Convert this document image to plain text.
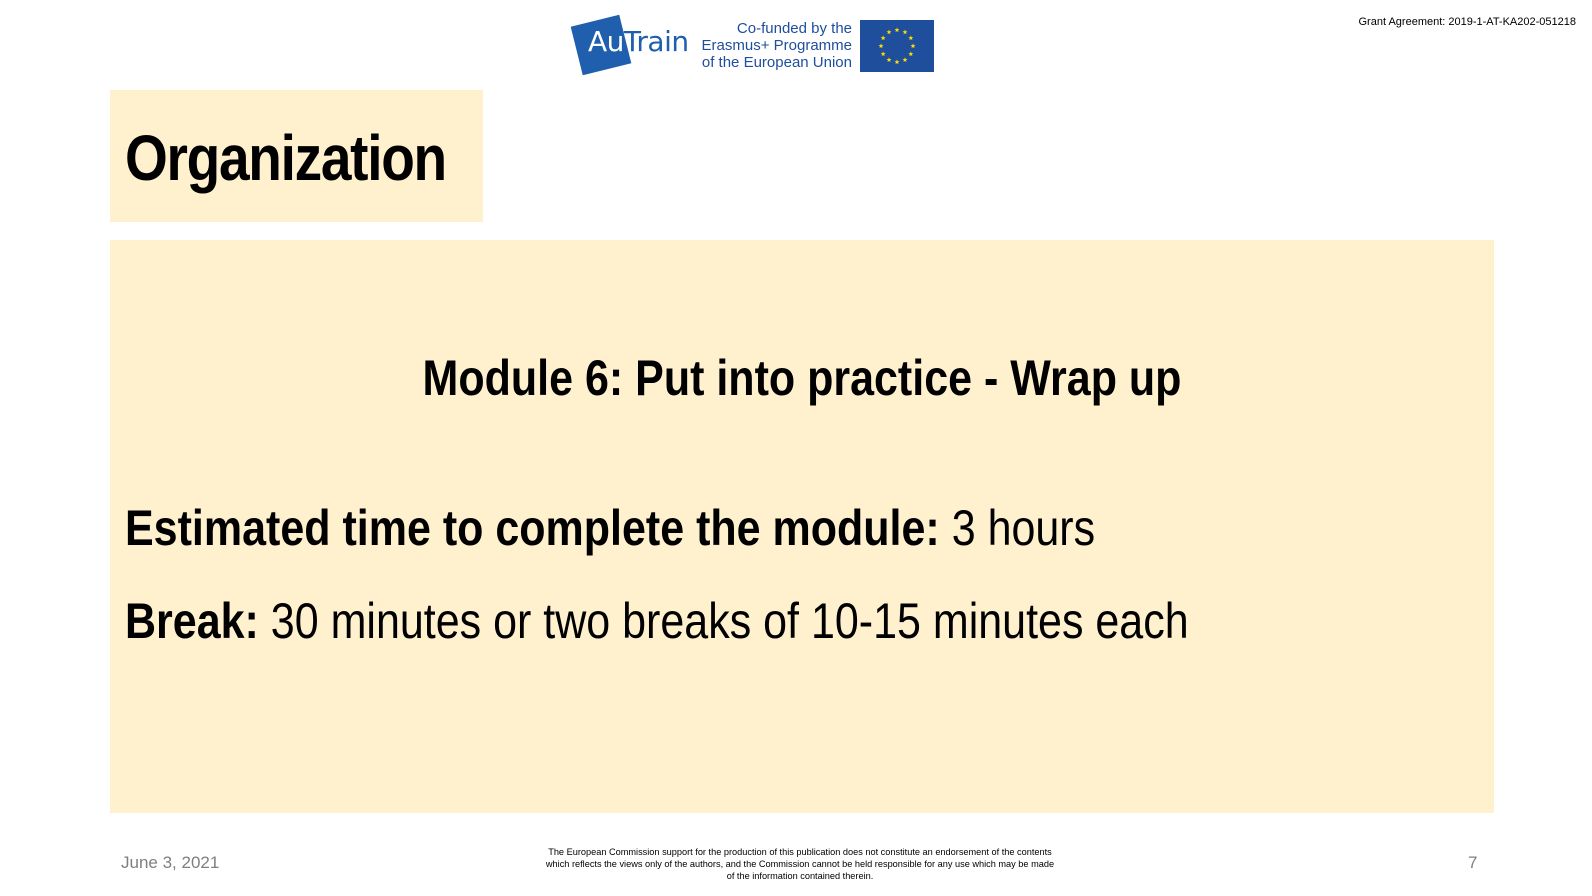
AuTrain	Co-funded by the
Erasmus+ Programme
of the European Union
Grant Agreement: 2019-1-AT-KA202-051218
Organization
Module 6: Put into practice - Wrap up
Estimated time to complete the module: 3 hours
Break: 30 minutes or two breaks of 10-15 minutes each
June 3, 2021
The European Commission support for the production of this publication does not constitute an endorsement of the contents
which reflects the views only of the authors, and the Commission cannot be held responsible for any use which may be made
of the information contained therein.
7
